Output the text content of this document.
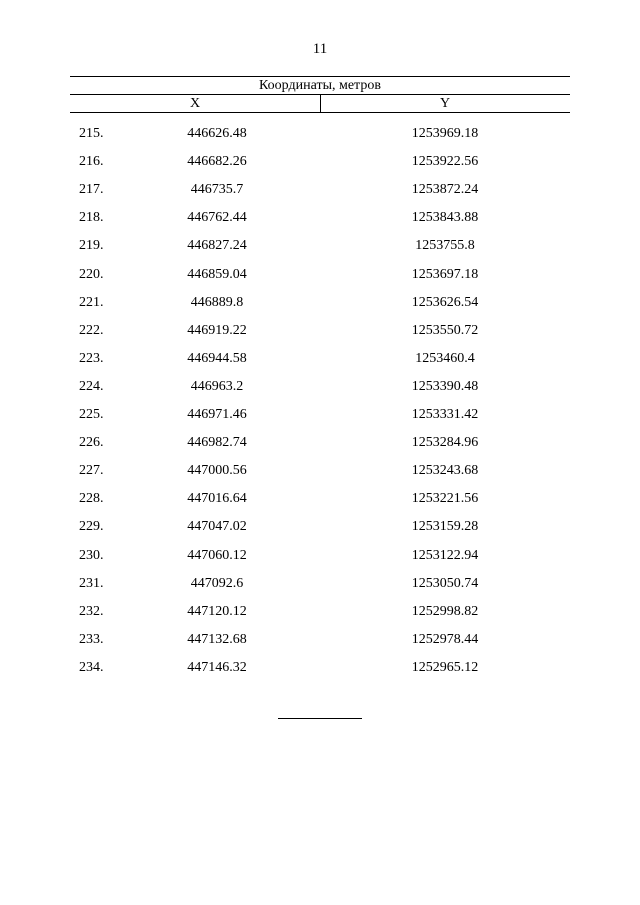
11
Координаты, метров
X	Y
215.	446626.48	1253969.18
216.	446682.26	1253922.56
217.	446735.7	1253872.24
218.	446762.44	1253843.88
219.	446827.24	1253755.8
220.	446859.04	1253697.18
221.	446889.8	1253626.54
222.	446919.22	1253550.72
223.	446944.58	1253460.4
224.	446963.2	1253390.48
225.	446971.46	1253331.42
226.	446982.74	1253284.96
227.	447000.56	1253243.68
228.	447016.64	1253221.56
229.	447047.02	1253159.28
230.	447060.12	1253122.94
231.	447092.6	1253050.74
232.	447120.12	1252998.82
233.	447132.68	1252978.44
234.	447146.32	1252965.12
